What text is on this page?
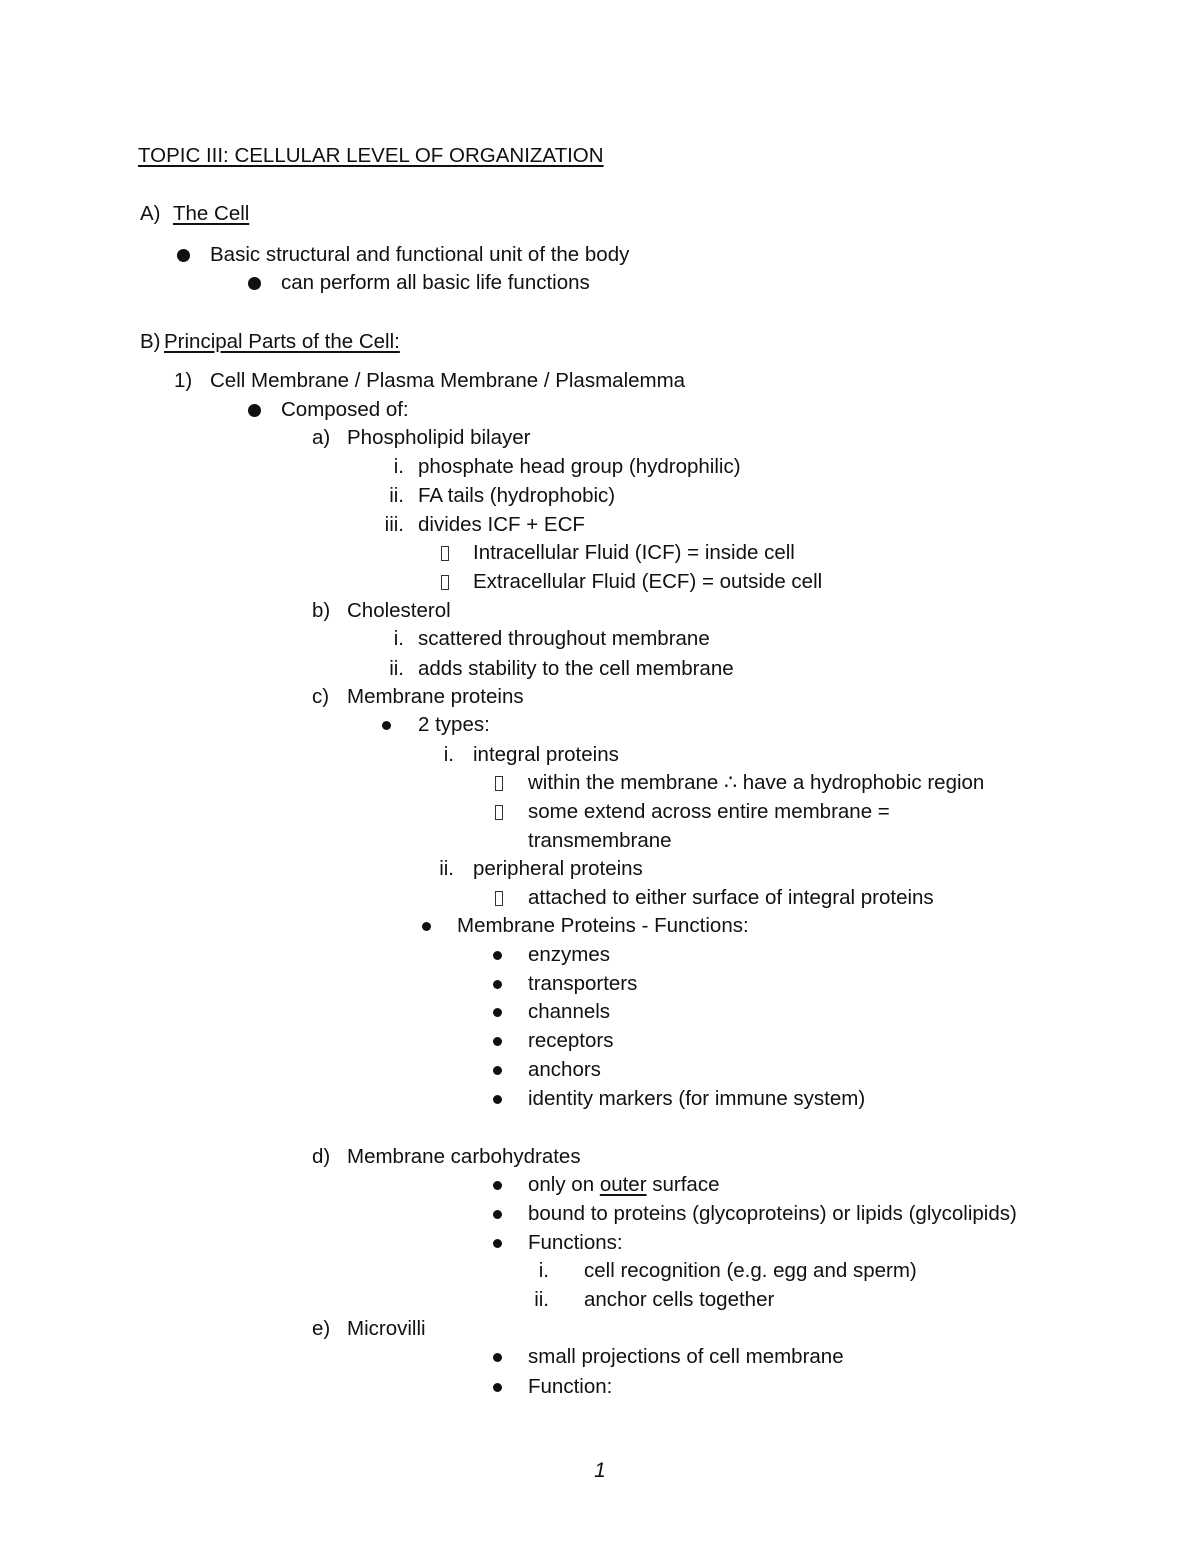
TOPIC III: CELLULAR LEVEL OF ORGANIZATION
A) The Cell
Basic structural and functional unit of the body
can perform all basic life functions
B) Principal Parts of the Cell:
1) Cell Membrane / Plasma Membrane / Plasmalemma
Composed of:
a) Phospholipid bilayer
i. phosphate head group (hydrophilic)
ii. FA tails (hydrophobic)
iii. divides ICF + ECF
Intracellular Fluid (ICF) = inside cell
Extracellular Fluid (ECF) = outside cell
b) Cholesterol
i. scattered throughout membrane
ii. adds stability to the cell membrane
c) Membrane proteins
2 types:
i. integral proteins
within the membrane ∴ have a hydrophobic region
some extend across entire membrane =
transmembrane
ii. peripheral proteins
attached to either surface of integral proteins
Membrane Proteins - Functions:
enzymes
transporters
channels
receptors
anchors
identity markers (for immune system)
d) Membrane carbohydrates
only on outer surface
bound to proteins (glycoproteins) or lipids (glycolipids)
Functions:
i. cell recognition (e.g. egg and sperm)
ii. anchor cells together
e) Microvilli
small projections of cell membrane
Function:
1
